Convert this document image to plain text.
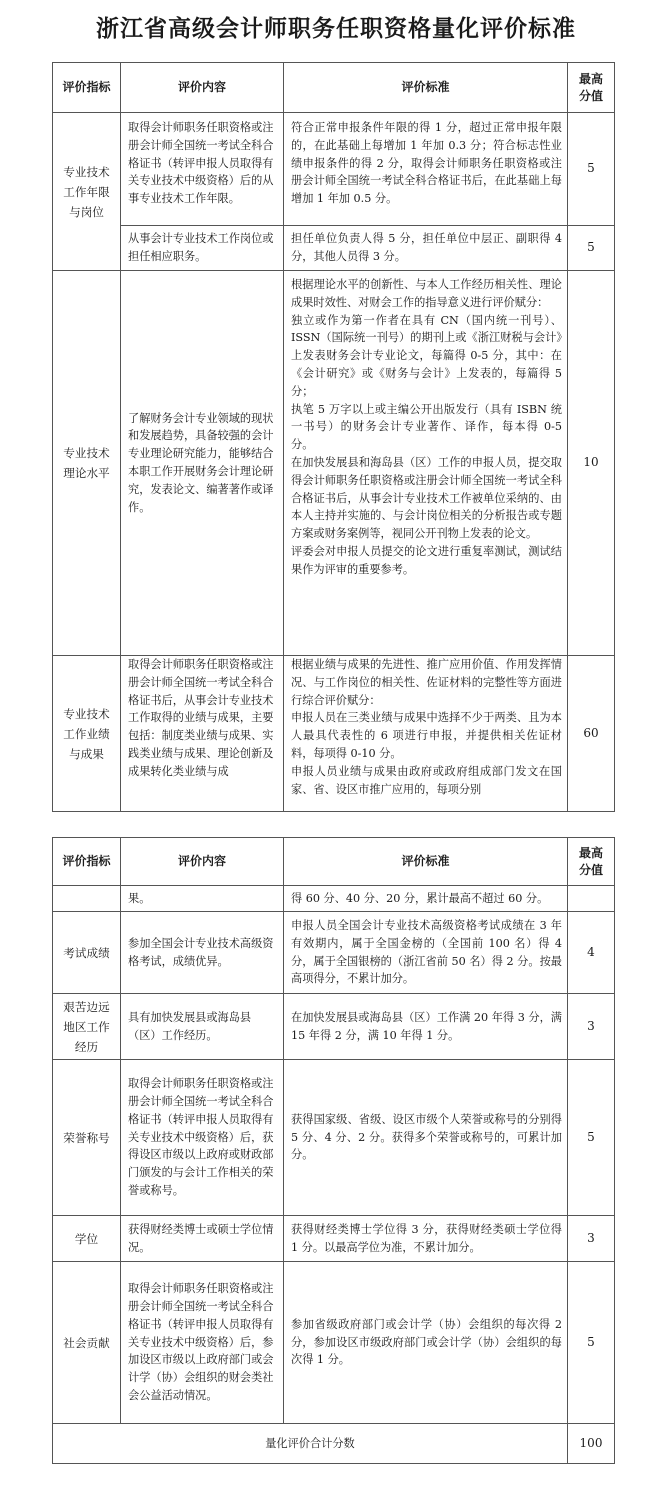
浙江省高级会计师职务任职资格量化评价标准
评价指标	评价内容	评价标准	最高分值
专业技术工作年限与岗位	取得会计师职务任职资格或注册会计师全国统一考试全科合格证书（转评申报人员取得有关专业技术中级资格）后的从事专业技术工作年限。	符合正常申报条件年限的得 1 分，超过正常申报年限的，在此基础上每增加 1 年加 0.3 分；符合标志性业绩申报条件的得 2 分，取得会计师职务任职资格或注册会计师全国统一考试全科合格证书后，在此基础上每增加 1 年加 0.5 分。	5
	从事会计专业技术工作岗位或担任相应职务。	担任单位负责人得 5 分，担任单位中层正、副职得 4 分，其他人员得 3 分。	5
专业技术理论水平	了解财务会计专业领域的现状和发展趋势，具备较强的会计专业理论研究能力，能够结合本职工作开展财务会计理论研究，发表论文、编著著作或译作。	根据理论水平的创新性、与本人工作经历相关性、理论成果时效性、对财会工作的指导意义进行评价赋分：
独立或作为第一作者在具有 CN（国内统一刊号）、ISSN（国际统一刊号）的期刊上或《浙江财税与会计》上发表财务会计专业论文，每篇得 0-5 分，其中：在《会计研究》或《财务与会计》上发表的，每篇得 5 分；
执笔 5 万字以上或主编公开出版发行（具有 ISBN 统一书号）的财务会计专业著作、译作，每本得 0-5 分。
在加快发展县和海岛县（区）工作的申报人员，提交取得会计师职务任职资格或注册会计师全国统一考试全科合格证书后，从事会计专业技术工作被单位采纳的、由本人主持并实施的、与会计岗位相关的分析报告或专题方案或财务案例等，视同公开刊物上发表的论文。
评委会对申报人员提交的论文进行重复率测试，测试结果作为评审的重要参考。	10
专业技术工作业绩与成果	取得会计师职务任职资格或注册会计师全国统一考试全科合格证书后，从事会计专业技术工作取得的业绩与成果，主要包括：制度类业绩与成果、实践类业绩与成果、理论创新及成果转化类业绩与成	根据业绩与成果的先进性、推广应用价值、作用发挥情况、与工作岗位的相关性、佐证材料的完整性等方面进行综合评价赋分：
申报人员在三类业绩与成果中选择不少于两类、且为本人最具代表性的 6 项进行申报，并提供相关佐证材料，每项得 0-10 分。
申报人员业绩与成果由政府或政府组成部门发文在国家、省、设区市推广应用的，每项分别	60
评价指标	评价内容	评价标准	最高分值
	果。	得 60 分、40 分、20 分，累计最高不超过 60 分。	
考试成绩	参加全国会计专业技术高级资格考试，成绩优异。	申报人员全国会计专业技术高级资格考试成绩在 3 年有效期内，属于全国金榜的（全国前 100 名）得 4 分，属于全国银榜的（浙江省前 50 名）得 2 分。按最高项得分，不累计加分。	4
艰苦边远地区工作经历	具有加快发展县或海岛县（区）工作经历。	在加快发展县或海岛县（区）工作满 20 年得 3 分，满 15 年得 2 分，满 10 年得 1 分。	3
荣誉称号	取得会计师职务任职资格或注册会计师全国统一考试全科合格证书（转评申报人员取得有关专业技术中级资格）后，获得设区市级以上政府或财政部门颁发的与会计工作相关的荣誉或称号。	获得国家级、省级、设区市级个人荣誉或称号的分别得 5 分、4 分、2 分。获得多个荣誉或称号的，可累计加分。	5
学位	获得财经类博士或硕士学位情况。	获得财经类博士学位得 3 分，获得财经类硕士学位得 1 分。以最高学位为准，不累计加分。	3
社会贡献	取得会计师职务任职资格或注册会计师全国统一考试全科合格证书（转评申报人员取得有关专业技术中级资格）后，参加设区市级以上政府部门或会计学（协）会组织的财会类社会公益活动情况。	参加省级政府部门或会计学（协）会组织的每次得 2 分，参加设区市级政府部门或会计学（协）会组织的每次得 1 分。	5
量化评价合计分数			100
